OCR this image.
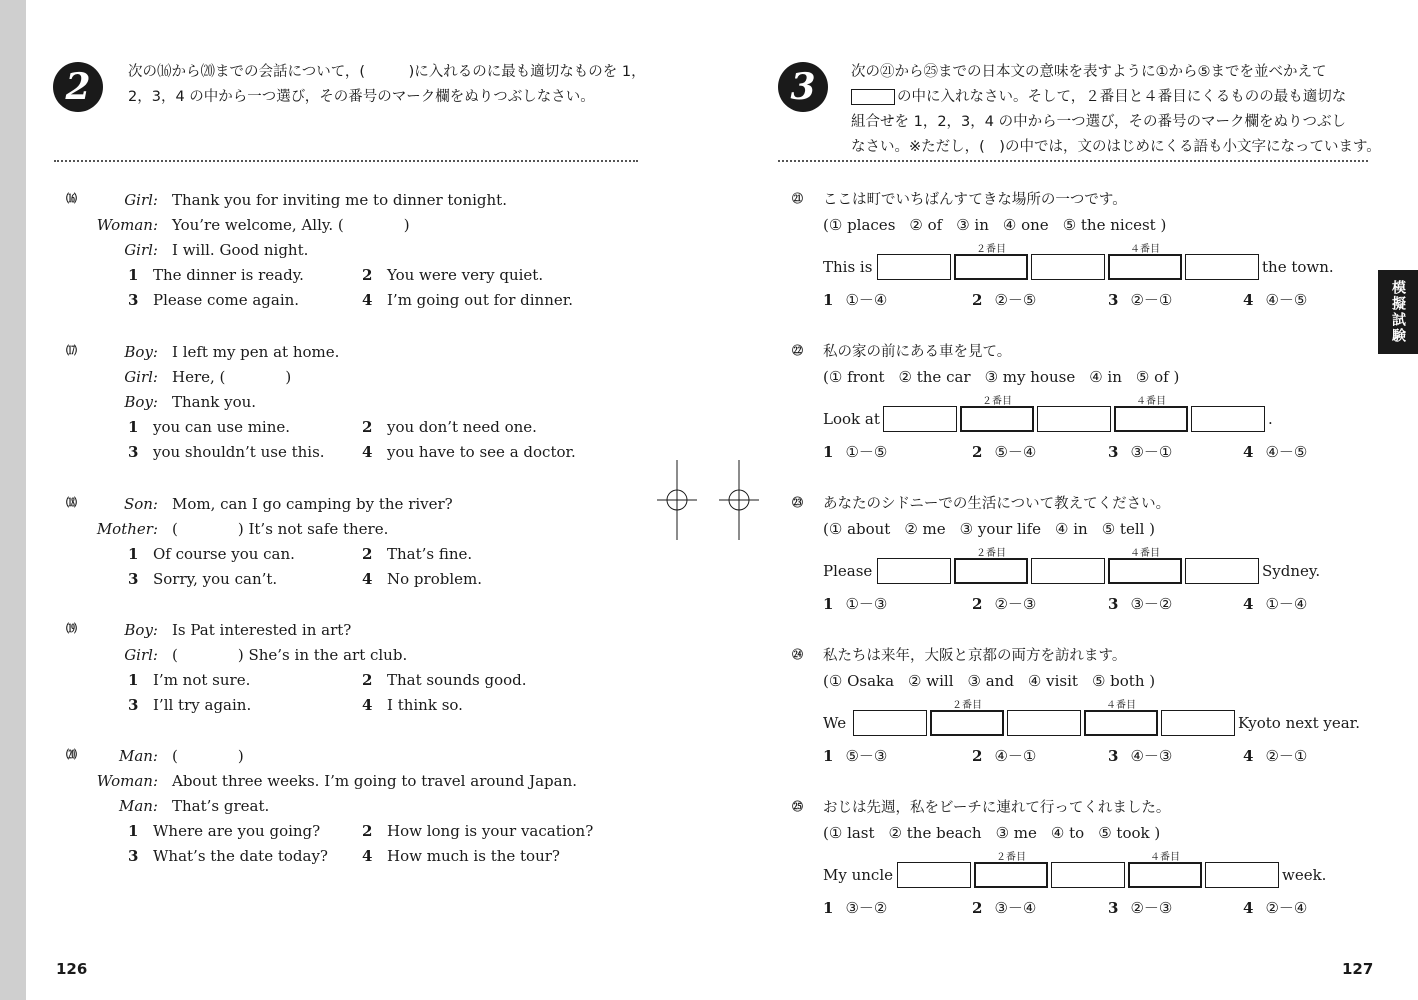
2	次の⒃から⒇までの会話について，(　　　)に入れるのに最も適切なものを 1，
2，3，4 の中から一つ選び，その番号のマーク欄をぬりつぶしなさい。
⒃	Girl: Thank you for inviting me to dinner tonight.
Woman: You’re welcome, Ally. (　　　　)
Girl: I will. Good night.
1 The dinner is ready.	2 You were very quiet.
3 Please come again.	4 I’m going out for dinner.
⒄	Boy: I left my pen at home.
Girl: Here, (　　　　)
Boy: Thank you.
1 you can use mine.	2 you don’t need one.
3 you shouldn’t use this. 4 you have to see a doctor.
⒅	Son: Mom, can I go camping by the river?
Mother: (　　　　) It’s not safe there.
1 Of course you can.	2 That’s fine.
3 Sorry, you can’t.	4 No problem.
⒆	Boy: Is Pat interested in art?
Girl: (　　　　) She’s in the art club.
1 I’m not sure.	2 That sounds good.
3 I’ll try again.	4 I think so.
⒇	Man: (　　　　)
Woman: About three weeks. I’m going to travel around Japan.
Man: That’s great.
1 Where are you going?	2 How long is your vacation?
3 What’s the date today? 4 How much is the tour?
126
3	次の㉑から㉕までの日本文の意味を表すように①から⑤までを並べかえて
の中に入れなさい。そして，２番目と４番目にくるものの最も適切な
組合せを 1，2，3，4 の中から一つ選び，その番号のマーク欄をぬりつぶし
なさい。※ただし，(　)の中では，文のはじめにくる語も小文字になっています。
㉑ ここは町でいちばんすてきな場所の一つです。
(① places ② of ③ in ④ one ⑤ the nicest )
This is
２番目	４番目
the town.
1 ①－④	2 ②－⑤	3 ②－①	4 ④－⑤
㉒ 私の家の前にある車を見て。
(① front ② the car ③ my house ④ in ⑤ of )
Look at
２番目	４番目
.
1 ①－⑤	2 ⑤－④	3 ③－①	4 ④－⑤
㉓ あなたのシドニーでの生活について教えてください。
(① about ② me ③ your life ④ in ⑤ tell )
Please
２番目	４番目
Sydney.
1 ①－③	2 ②－③	3 ③－②	4 ①－④
㉔ 私たちは来年，大阪と京都の両方を訪れます。
(① Osaka ② will ③ and ④ visit ⑤ both )
We
２番目	４番目
Kyoto next year.
1 ⑤－③	2 ④－①	3 ④－③	4 ②－①
㉕ おじは先週，私をビーチに連れて行ってくれました。
(① last ② the beach ③ me ④ to ⑤ took )
My uncle
２番目	４番目
week.
1 ③－②	2 ③－④	3 ②－③	4 ②－④
模擬試験
127
